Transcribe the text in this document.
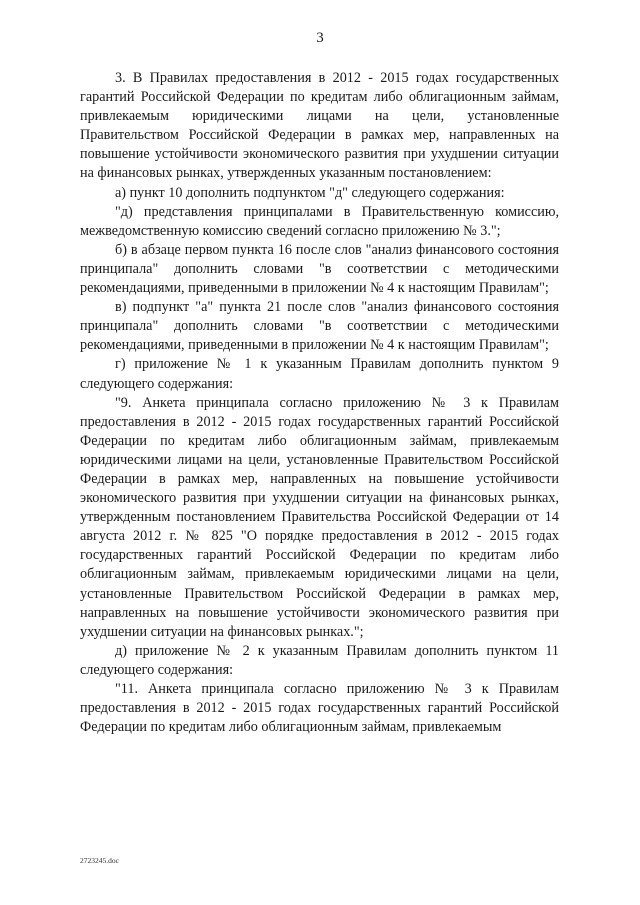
3

3. В Правилах предоставления в 2012 - 2015 годах государственных гарантий Российской Федерации по кредитам либо облигационным займам, привлекаемым юридическими лицами на цели, установленные Правительством Российской Федерации в рамках мер, направленных на повышение устойчивости экономического развития при ухудшении ситуации на финансовых рынках, утвержденных указанным постановлением:

а) пункт 10 дополнить подпунктом "д" следующего содержания:

"д) представления принципалами в Правительственную комиссию, межведомственную комиссию сведений согласно приложению № 3.";

б) в абзаце первом пункта 16 после слов "анализ финансового состояния принципала" дополнить словами "в соответствии с методическими рекомендациями, приведенными в приложении № 4 к настоящим Правилам";

в) подпункт "а" пункта 21 после слов "анализ финансового состояния принципала" дополнить словами "в соответствии с методическими рекомендациями, приведенными в приложении № 4 к настоящим Правилам";

г) приложение № 1 к указанным Правилам дополнить пунктом 9 следующего содержания:

"9. Анкета принципала согласно приложению № 3 к Правилам предоставления в 2012 - 2015 годах государственных гарантий Российской Федерации по кредитам либо облигационным займам, привлекаемым юридическими лицами на цели, установленные Правительством Российской Федерации в рамках мер, направленных на повышение устойчивости экономического развития при ухудшении ситуации на финансовых рынках, утвержденным постановлением Правительства Российской Федерации от 14 августа 2012 г. № 825 "О порядке предоставления в 2012 - 2015 годах государственных гарантий Российской Федерации по кредитам либо облигационным займам, привлекаемым юридическими лицами на цели, установленные Правительством Российской Федерации в рамках мер, направленных на повышение устойчивости экономического развития при ухудшении ситуации на финансовых рынках.";

д) приложение № 2 к указанным Правилам дополнить пунктом 11 следующего содержания:

"11. Анкета принципала согласно приложению № 3 к Правилам предоставления в 2012 - 2015 годах государственных гарантий Российской Федерации по кредитам либо облигационным займам, привлекаемым

2723245.doc
